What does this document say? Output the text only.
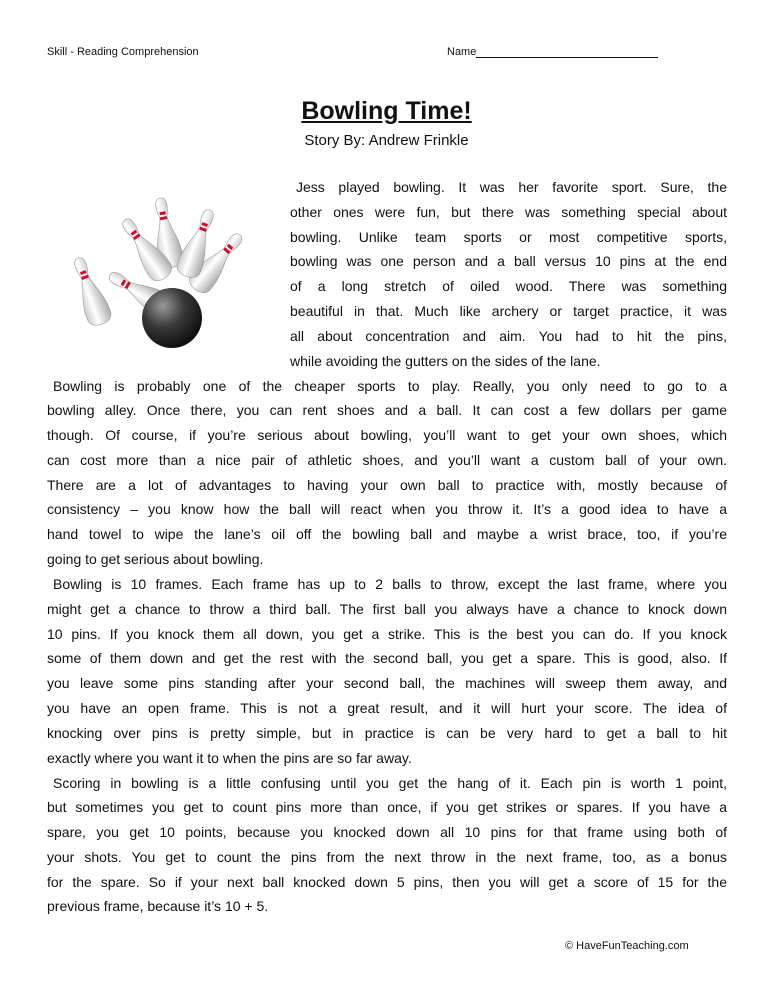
Skill - Reading Comprehension	Name
Bowling Time!
Story By: Andrew Frinkle
Jess played bowling. It was her favorite sport. Sure, the
other ones were fun, but there was something special about
bowling. Unlike team sports or most competitive sports,
bowling was one person and a ball versus 10 pins at the end
of a long stretch of oiled wood. There was something
beautiful in that. Much like archery or target practice, it was
all about concentration and aim. You had to hit the pins,
while avoiding the gutters on the sides of the lane.
Bowling is probably one of the cheaper sports to play. Really, you only need to go to a
bowling alley. Once there, you can rent shoes and a ball. It can cost a few dollars per game
though. Of course, if you’re serious about bowling, you’ll want to get your own shoes, which
can cost more than a nice pair of athletic shoes, and you’ll want a custom ball of your own.
There are a lot of advantages to having your own ball to practice with, mostly because of
consistency – you know how the ball will react when you throw it. It’s a good idea to have a
hand towel to wipe the lane’s oil off the bowling ball and maybe a wrist brace, too, if you’re
going to get serious about bowling.
Bowling is 10 frames. Each frame has up to 2 balls to throw, except the last frame, where you
might get a chance to throw a third ball. The first ball you always have a chance to knock down
10 pins. If you knock them all down, you get a strike. This is the best you can do. If you knock
some of them down and get the rest with the second ball, you get a spare. This is good, also. If
you leave some pins standing after your second ball, the machines will sweep them away, and
you have an open frame. This is not a great result, and it will hurt your score. The idea of
knocking over pins is pretty simple, but in practice is can be very hard to get a ball to hit
exactly where you want it to when the pins are so far away.
Scoring in bowling is a little confusing until you get the hang of it. Each pin is worth 1 point,
but sometimes you get to count pins more than once, if you get strikes or spares. If you have a
spare, you get 10 points, because you knocked down all 10 pins for that frame using both of
your shots. You get to count the pins from the next throw in the next frame, too, as a bonus
for the spare. So if your next ball knocked down 5 pins, then you will get a score of 15 for the
previous frame, because it’s 10 + 5.
© HaveFunTeaching.com
